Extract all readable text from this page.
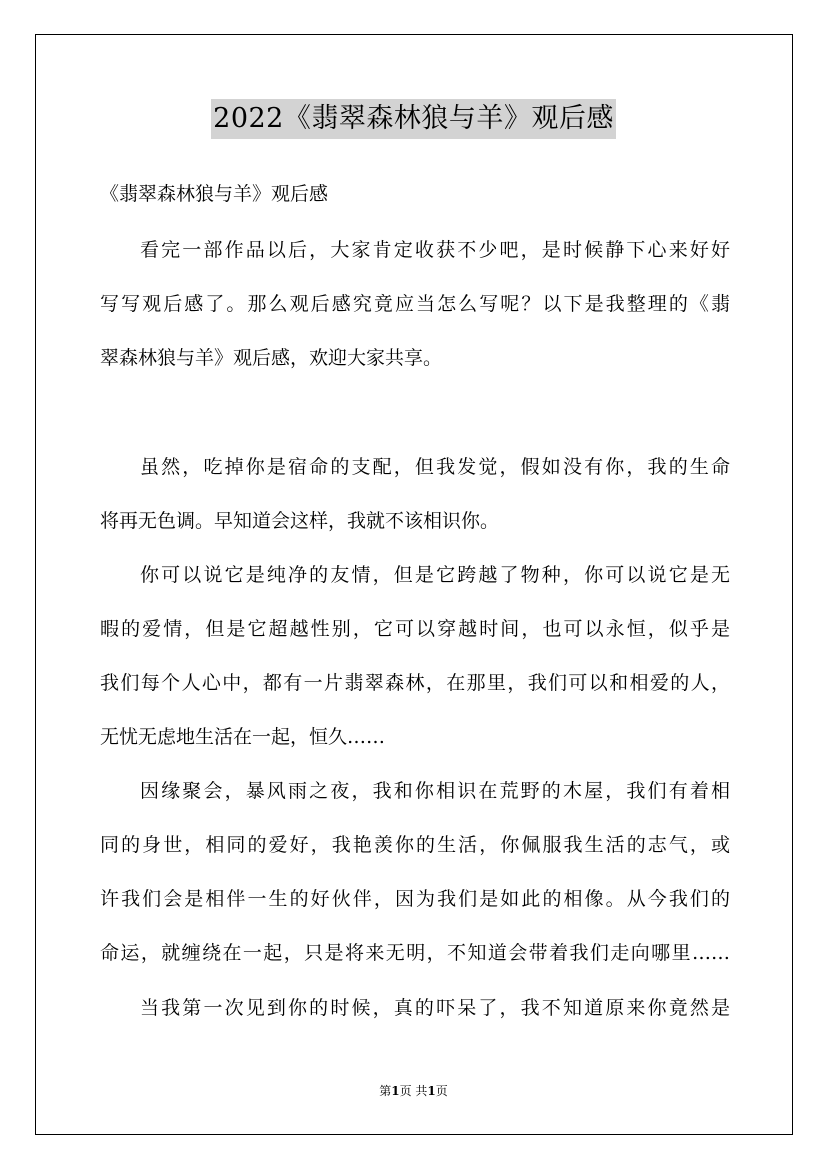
2022《翡翠森林狼与羊》观后感
《翡翠森林狼与羊》观后感
看完一部作品以后，大家肯定收获不少吧，是时候静下心来好好
写写观后感了。那么观后感究竟应当怎么写呢？以下是我整理的《翡
翠森林狼与羊》观后感，欢迎大家共享。
虽然，吃掉你是宿命的支配，但我发觉，假如没有你，我的生命
将再无色调。早知道会这样，我就不该相识你。
你可以说它是纯净的友情，但是它跨越了物种，你可以说它是无
暇的爱情，但是它超越性别，它可以穿越时间，也可以永恒，似乎是
我们每个人心中，都有一片翡翠森林，在那里，我们可以和相爱的人，
无忧无虑地生活在一起，恒久……
因缘聚会，暴风雨之夜，我和你相识在荒野的木屋，我们有着相
同的身世，相同的爱好，我艳羡你的生活，你佩服我生活的志气，或
许我们会是相伴一生的好伙伴，因为我们是如此的相像。从今我们的
命运，就缠绕在一起，只是将来无明，不知道会带着我们走向哪里……
当我第一次见到你的时候，真的吓呆了，我不知道原来你竟然是
第1页 共1页
